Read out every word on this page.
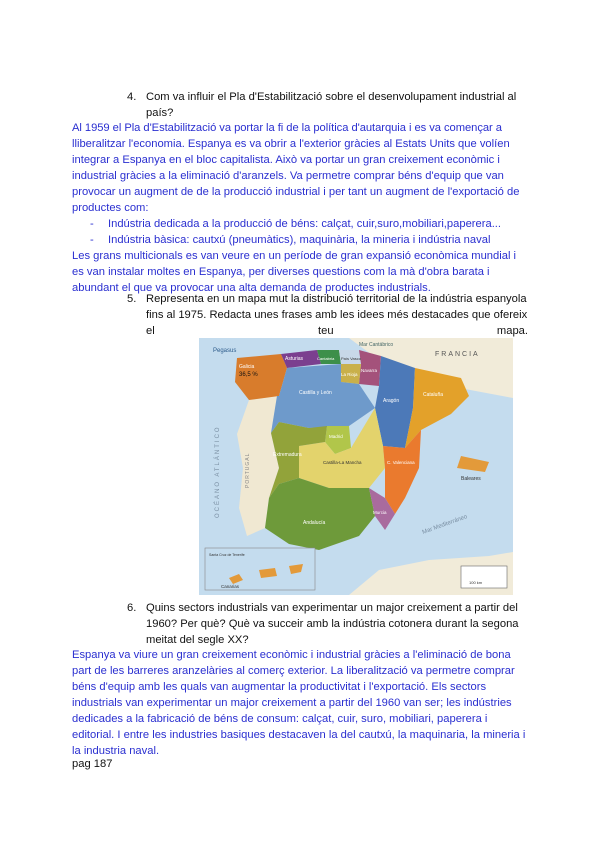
4. Com va influir el Pla d'Estabilització sobre el desenvolupament industrial al
país?
Al 1959 el Pla d'Estabilització va portar la fi de la política d'autarquia i es va començar a
lliberalitzar l'economia. Espanya es va obrir a l'exterior gràcies al Estats Units que volíen
integrar a Espanya en el bloc capitalista. Això va portar un gran creixement econòmic i
industrial gràcies a la eliminació d'aranzels. Va permetre comprar béns d'equip que van
provocar un augment de de la producció industrial i per tant un augment de l'exportació de
productes com:
- Indústria dedicada a la producció de béns: calçat, cuir,suro,mobiliari,paperera...
- Indústria bàsica: cautxú (pneumàtics), maquinària, la mineria i indústria naval
Les grans multicionals es van veure en un període de gran expansió econòmica mundial i
es van instalar moltes en Espanya, per diverses questions com la mà d'obra barata i
abundant el que va provocar una alta demanda de productes industrials.
5. Representa en un mapa mut la distribució territorial de la indústria espanyola
fins al 1975. Redacta unes frases amb les idees més destacades que ofereix
el	teu	mapa.
Pegasus
Mar Cantábrico
FRANCIA
OCÉANO ATLÁNTICO	PORTUGAL
Mar Mediterráneo
Galicia
36,5 %
Asturias	Cantabria País Vasco
Navarra
La Rioja
Aragón
Cataluña
Castilla y León
Madrid
Castilla-La Mancha	C. Valenciana
Extremadura
Andalucía
Murcia
Baleares
Santa Cruz de Tenerife
Canarias
100 km
6. Quins sectors industrials van experimentar un major creixement a partir del
1960? Per què? Què va succeir amb la indústria cotonera durant la segona
meitat del segle XX?
Espanya va viure un gran creixement econòmic i industrial gràcies a l'eliminació de bona
part de les barreres aranzelàries al comerç exterior. La liberalització va permetre comprar
béns d'equip amb les quals van augmentar la productivitat i l'exportació. Els sectors
industrials van experimentar un major creixement a partir del 1960 van ser; les indústries
dedicades a la fabricació de béns de consum: calçat, cuir, suro, mobiliari, paperera i
editorial. I entre les industries basiques destacaven la del cautxú, la maquinaria, la mineria i
la industria naval.
pag 187
